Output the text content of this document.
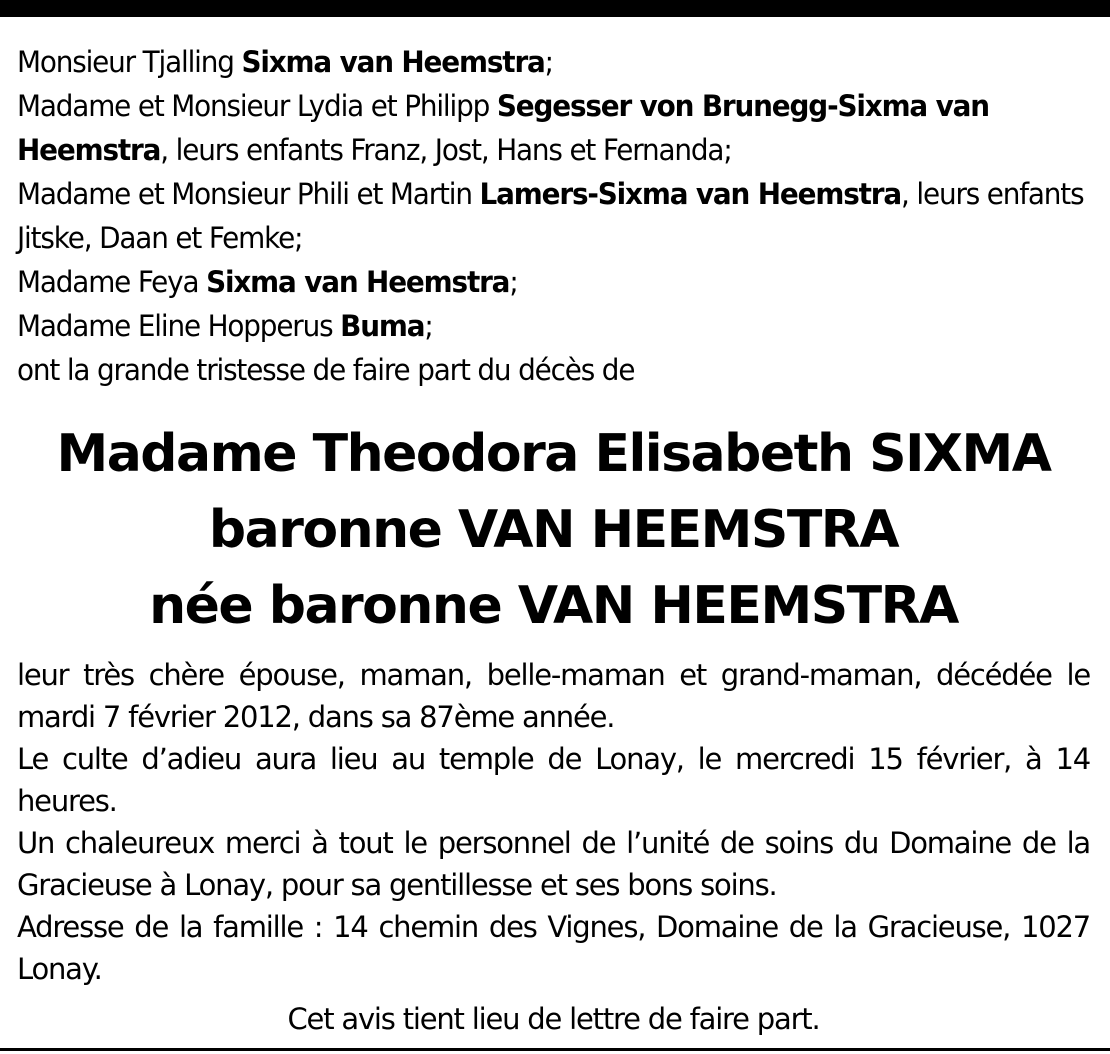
Monsieur Tjalling Sixma van Heemstra;
Madame et Monsieur Lydia et Philipp Segesser von Brunegg-Sixma van Heemstra, leurs enfants Franz, Jost, Hans et Fernanda;
Madame et Monsieur Phili et Martin Lamers-Sixma van Heemstra, leurs enfants Jitske, Daan et Femke;
Madame Feya Sixma van Heemstra;
Madame Eline Hopperus Buma;
ont la grande tristesse de faire part du décès de
Madame Theodora Elisabeth SIXMA
baronne VAN HEEMSTRA
née baronne VAN HEEMSTRA

leur très chère épouse, maman, belle-maman et grand-maman, décédée le mardi 7 février 2012, dans sa 87ème année.

Le culte d’adieu aura lieu au temple de Lonay, le mercredi 15 février, à 14 heures.

Un chaleureux merci à tout le personnel de l’unité de soins du Domaine de la Gracieuse à Lonay, pour sa gentillesse et ses bons soins.

Adresse de la famille : 14 chemin des Vignes, Domaine de la Gracieuse, 1027 Lonay.

Cet avis tient lieu de lettre de faire part.
